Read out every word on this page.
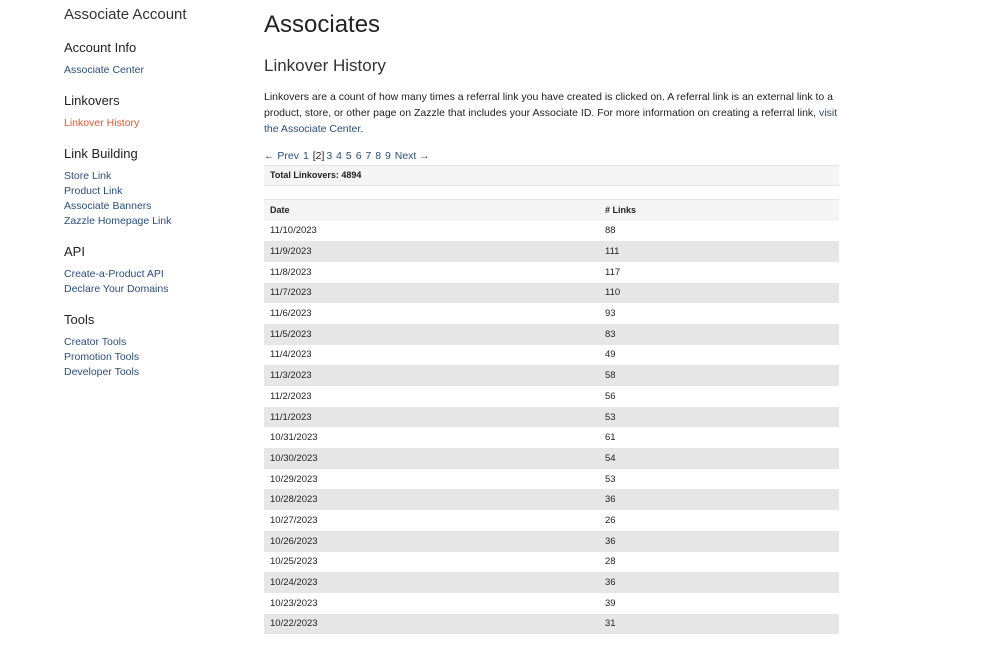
Associate Account
Account Info
Associate Center
Linkovers
Linkover History
Link Building
Store Link
Product Link
Associate Banners
Zazzle Homepage Link
API
Create-a-Product API
Declare Your Domains
Tools
Creator Tools
Promotion Tools
Developer Tools
Associates
Linkover History

Linkovers are a count of how many times a referral link you have created is clicked on. A referral link is an external link to a product, store, or other page on Zazzle that includes your Associate ID. For more information on creating a referral link, visit the Associate Center.

← Prev 1 [2] 3 4 5 6 7 8 9 Next →
Total Linkovers: 4894
Date	# Links
11/10/2023	88
11/9/2023	111
11/8/2023	117
11/7/2023	110
11/6/2023	93
11/5/2023	83
11/4/2023	49
11/3/2023	58
11/2/2023	56
11/1/2023	53
10/31/2023	61
10/30/2023	54
10/29/2023	53
10/28/2023	36
10/27/2023	26
10/26/2023	36
10/25/2023	28
10/24/2023	36
10/23/2023	39
10/22/2023	31
